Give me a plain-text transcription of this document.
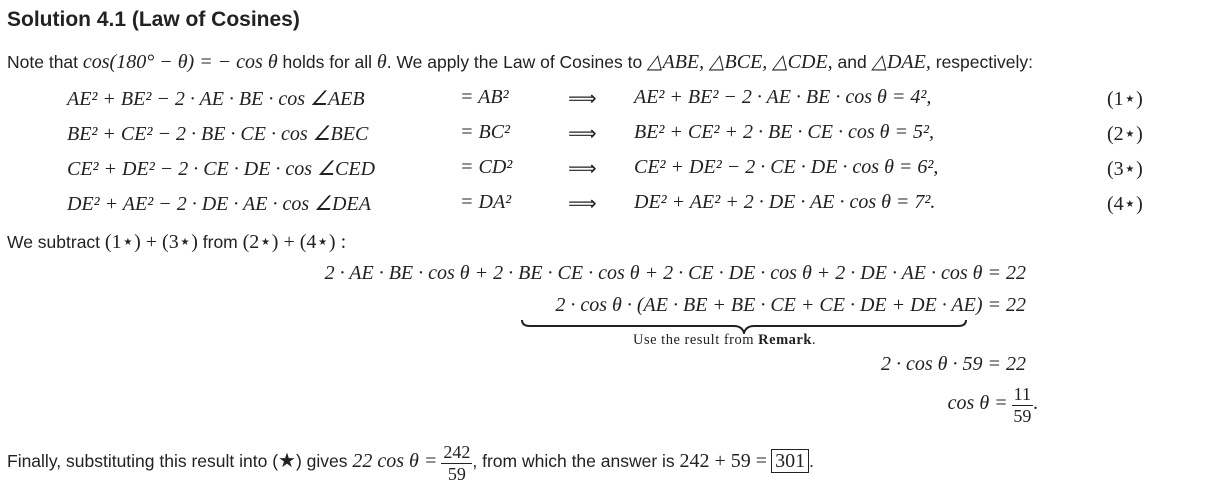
Solution 4.1 (Law of Cosines)
Note that cos(180° − θ) = − cos θ holds for all θ. We apply the Law of Cosines to △ABE, △BCE, △CDE, and △DAE, respectively:
AE² + BE² − 2 · AE · BE · cos ∠AEB	= AB²	⟹ AE² + BE² − 2 · AE · BE · cos θ = 4²,	(1⋆)
BE² + CE² − 2 · BE · CE · cos ∠BEC	= BC²	⟹ BE² + CE² + 2 · BE · CE · cos θ = 5²,	(2⋆)
CE² + DE² − 2 · CE · DE · cos ∠CED	= CD²	⟹ CE² + DE² − 2 · CE · DE · cos θ = 6²,	(3⋆)
DE² + AE² − 2 · DE · AE · cos ∠DEA	= DA²	⟹ DE² + AE² + 2 · DE · AE · cos θ = 7².	(4⋆)
We subtract (1⋆) + (3⋆) from (2⋆) + (4⋆) :
2 · AE · BE · cos θ + 2 · BE · CE · cos θ + 2 · CE · DE · cos θ + 2 · DE · AE · cos θ = 22
2 · cos θ · (AE · BE + BE · CE + CE · DE + DE · AE) = 22
Use the result from Remark.
2 · cos θ · 59 = 22
$\cos \theta = \frac{11}{59}$ .
Finally, substituting this result into (★) gives 22 $\cos \theta = \frac{242}{59}$ , from which the answer is 242 + 59 = 301 .
